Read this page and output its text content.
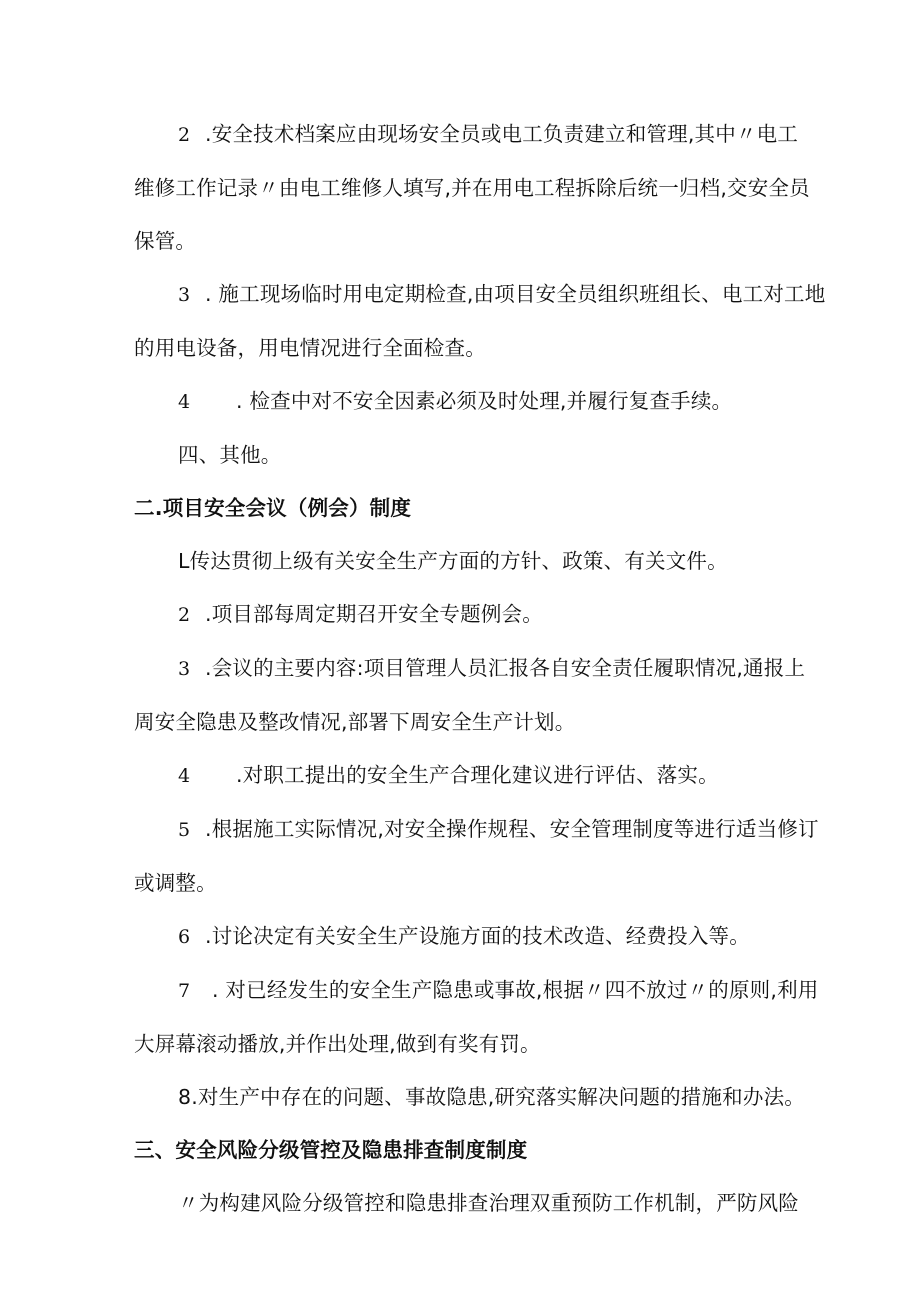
2 .安全技术档案应由现场安全员或电工负责建立和管理,其中〃电工

维修工作记录〃由电工维修人填写,并在用电工程拆除后统一归档,交安全员

保管。

3 . 施工现场临时用电定期检查,由项目安全员组织班组长、电工对工地

的用电设备，用电情况进行全面检查。

4 . 检查中对不安全因素必须及时处理,并履行复查手续。

四、其他。

二.项目安全会议（例会）制度

L传达贯彻上级有关安全生产方面的方针、政策、有关文件。

2 .项目部每周定期召开安全专题例会。

3 .会议的主要内容:项目管理人员汇报各自安全责任履职情况,通报上

周安全隐患及整改情况,部署下周安全生产计划。

4 .对职工提出的安全生产合理化建议进行评估、落实。

5 .根据施工实际情况,对安全操作规程、安全管理制度等进行适当修订

或调整。

6 .讨论决定有关安全生产设施方面的技术改造、经费投入等。

7 . 对已经发生的安全生产隐患或事故,根据〃四不放过〃的原则,利用

大屏幕滚动播放,并作出处理,做到有奖有罚。

8.对生产中存在的问题、事故隐患,研究落实解决问题的措施和办法。

三、安全风险分级管控及隐患排查制度制度

〃为构建风险分级管控和隐患排查治理双重预防工作机制，严防风险
